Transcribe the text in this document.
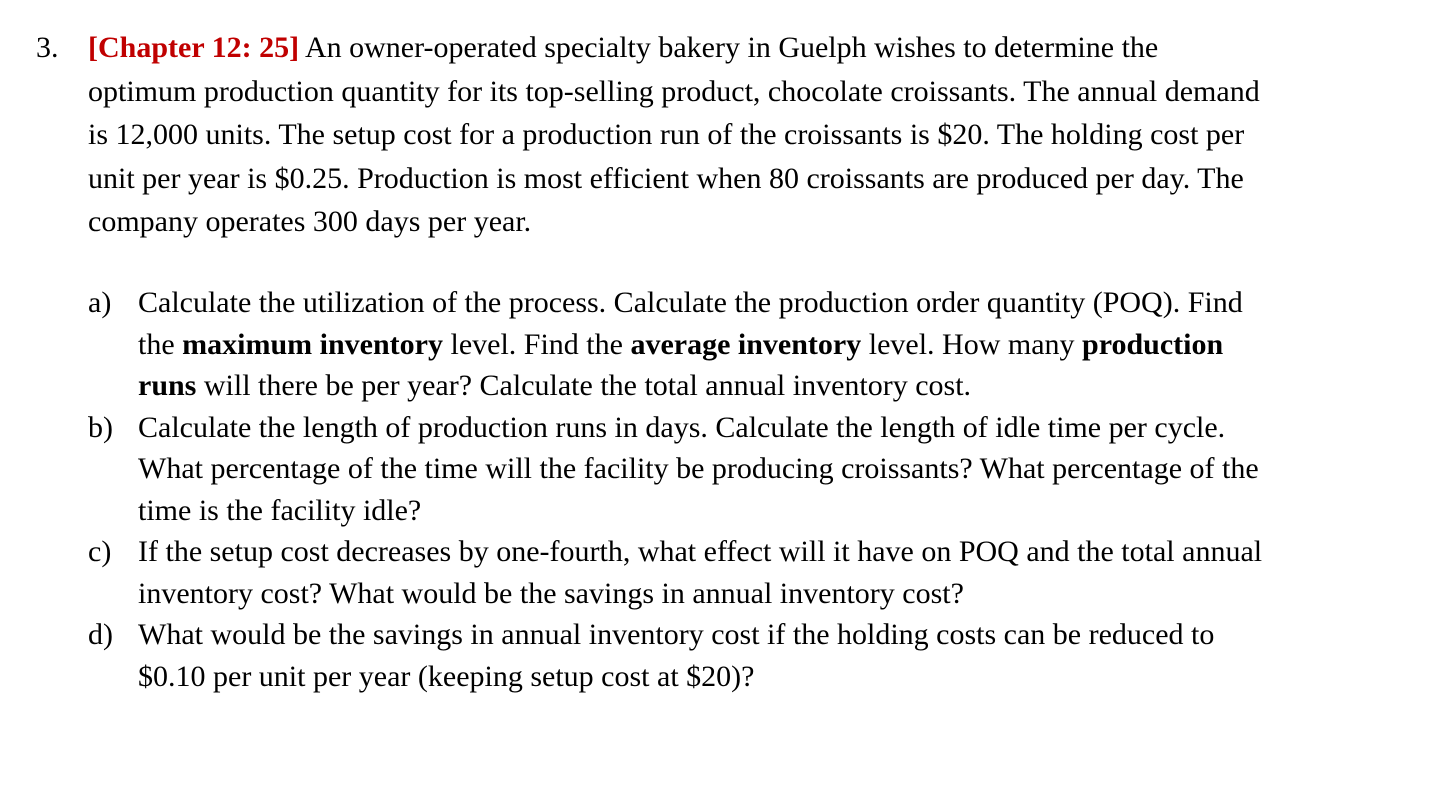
3. [Chapter 12: 25] An owner-operated specialty bakery in Guelph wishes to determine the
optimum production quantity for its top-selling product, chocolate croissants. The annual demand
is 12,000 units. The setup cost for a production run of the croissants is $20. The holding cost per
unit per year is $0.25. Production is most efficient when 80 croissants are produced per day. The
company operates 300 days per year.
a) Calculate the utilization of the process. Calculate the production order quantity (POQ). Find
the maximum inventory level. Find the average inventory level. How many production
runs will there be per year? Calculate the total annual inventory cost.
b) Calculate the length of production runs in days. Calculate the length of idle time per cycle.
What percentage of the time will the facility be producing croissants? What percentage of the
time is the facility idle?
c) If the setup cost decreases by one-fourth, what effect will it have on POQ and the total annual
inventory cost? What would be the savings in annual inventory cost?
d) What would be the savings in annual inventory cost if the holding costs can be reduced to
$0.10 per unit per year (keeping setup cost at $20)?
